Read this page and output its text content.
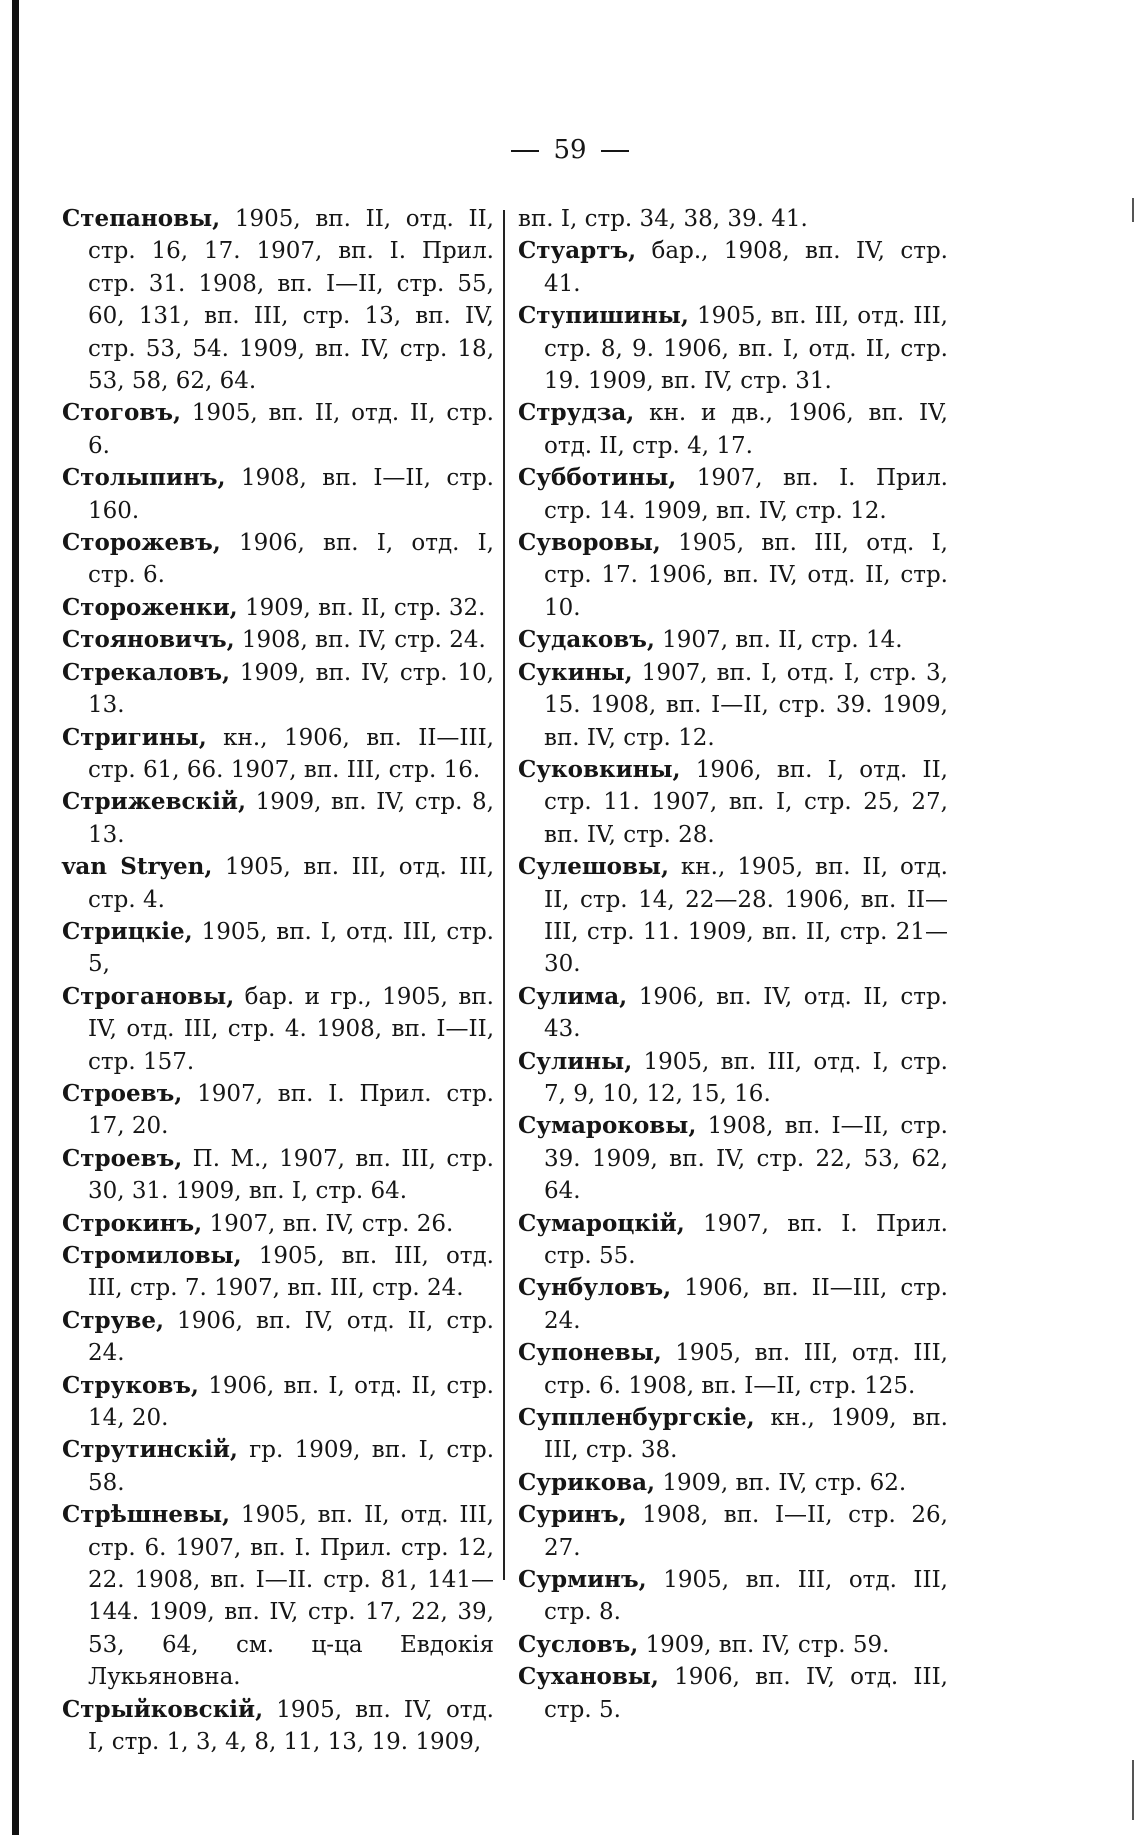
59
Степановы, 1905, вп. II, отд. II, стр. 16, 17. 1907, вп. I. Прил. стр. 31. 1908, вп. I—II, стр. 55, 60, 131, вп. III, стр. 13, вп. IV, стр. 53, 54. 1909, вп. IV, стр. 18, 53, 58, 62, 64.
Стоговъ, 1905, вп. II, отд. II, стр. 6.
Столыпинъ, 1908, вп. I—II, стр. 160.
Сторожевъ, 1906, вп. I, отд. I, стр. 6.
Стороженки, 1909, вп. II, стр. 32.
Стояновичъ, 1908, вп. IV, стр. 24.
Стрекаловъ, 1909, вп. IV, стр. 10, 13.
Стригины, кн., 1906, вп. II—III, стр. 61, 66. 1907, вп. III, стр. 16.
Стрижевскій, 1909, вп. IV, стр. 8, 13.
van Stryen, 1905, вп. III, отд. III, стр. 4.
Стрицкіе, 1905, вп. I, отд. III, стр. 5,
Строгановы, бар. и гр., 1905, вп. IV, отд. III, стр. 4. 1908, вп. I—II, стр. 157.
Строевъ, 1907, вп. I. Прил. стр. 17, 20.
Строевъ, П. М., 1907, вп. III, стр. 30, 31. 1909, вп. I, стр. 64.
Строкинъ, 1907, вп. IV, стр. 26.
Стромиловы, 1905, вп. III, отд. III, стр. 7. 1907, вп. III, стр. 24.
Струве, 1906, вп. IV, отд. II, стр. 24.
Струковъ, 1906, вп. I, отд. II, стр. 14, 20.
Струтинскій, гр. 1909, вп. I, стр. 58.
Стрѣшневы, 1905, вп. II, отд. III, стр. 6. 1907, вп. I. Прил. стр. 12, 22. 1908, вп. I—II. стр. 81, 141—144. 1909, вп. IV, стр. 17, 22, 39, 53, 64, см. ц-ца Евдокія Лукьяновна.
Стрыйковскій, 1905, вп. IV, отд. I, стр. 1, 3, 4, 8, 11, 13, 19. 1909,
вп. I, стр. 34, 38, 39. 41.
Стуартъ, бар., 1908, вп. IV, стр. 41.
Ступишины, 1905, вп. III, отд. III, стр. 8, 9. 1906, вп. I, отд. II, стр. 19. 1909, вп. IV, стр. 31.
Струдза, кн. и дв., 1906, вп. IV, отд. II, стр. 4, 17.
Субботины, 1907, вп. I. Прил. стр. 14. 1909, вп. IV, стр. 12.
Суворовы, 1905, вп. III, отд. I, стр. 17. 1906, вп. IV, отд. II, стр. 10.
Судаковъ, 1907, вп. II, стр. 14.
Сукины, 1907, вп. I, отд. I, стр. 3, 15. 1908, вп. I—II, стр. 39. 1909, вп. IV, стр. 12.
Суковкины, 1906, вп. I, отд. II, стр. 11. 1907, вп. I, стр. 25, 27, вп. IV, стр. 28.
Сулешовы, кн., 1905, вп. II, отд. II, стр. 14, 22—28. 1906, вп. II—III, стр. 11. 1909, вп. II, стр. 21—30.
Сулима, 1906, вп. IV, отд. II, стр. 43.
Сулины, 1905, вп. III, отд. I, стр. 7, 9, 10, 12, 15, 16.
Сумароковы, 1908, вп. I—II, стр. 39. 1909, вп. IV, стр. 22, 53, 62, 64.
Сумароцкій, 1907, вп. I. Прил. стр. 55.
Сунбуловъ, 1906, вп. II—III, стр. 24.
Супоневы, 1905, вп. III, отд. III, стр. 6. 1908, вп. I—II, стр. 125.
Суппленбургскіе, кн., 1909, вп. III, стр. 38.
Сурикова, 1909, вп. IV, стр. 62.
Суринъ, 1908, вп. I—II, стр. 26, 27.
Сурминъ, 1905, вп. III, отд. III, стр. 8.
Сусловъ, 1909, вп. IV, стр. 59.
Сухановы, 1906, вп. IV, отд. III, стр. 5.
